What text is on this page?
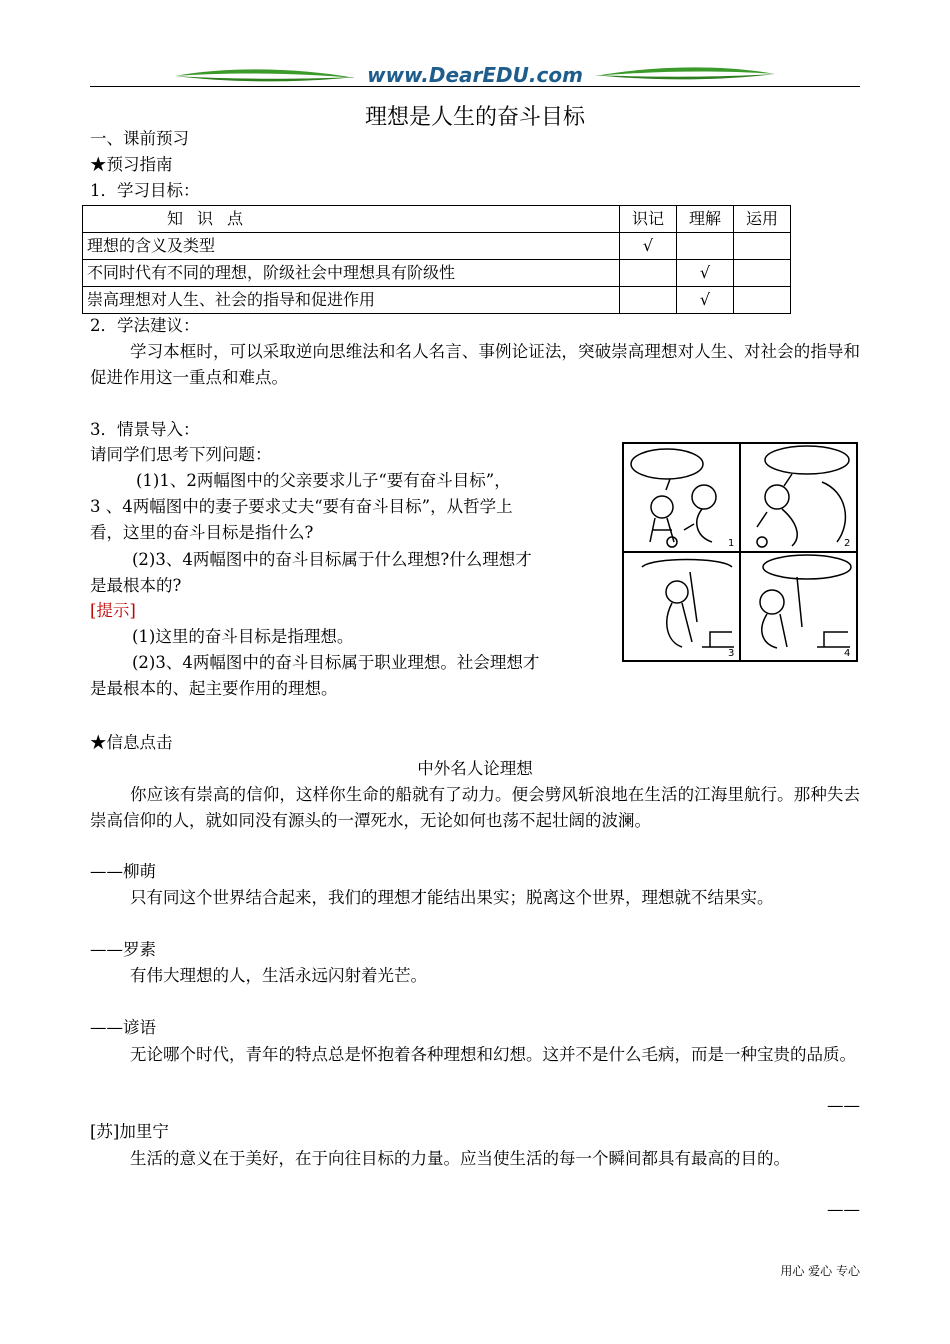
www.DearEDU.com
理想是人生的奋斗目标
一、课前预习
★预习指南
1．学习目标：
知识点	识记	理解	运用
理想的含义及类型	√		
不同时代有不同的理想，阶级社会中理想具有阶级性		√	
崇高理想对人生、社会的指导和促进作用		√	
2．学法建议：
学习本框时，可以采取逆向思维法和名人名言、事例论证法，突破崇高理想对人生、对社会的指导和促进作用这一重点和难点。
3．情景导入：
请同学们思考下列问题：
(1)1、2两幅图中的父亲要求儿子“要有奋斗目标”，
3 、4两幅图中的妻子要求丈夫“要有奋斗目标”，从哲学上
看，这里的奋斗目标是指什么?
(2)3、4两幅图中的奋斗目标属于什么理想?什么理想才
是最根本的?
[提示]
(1)这里的奋斗目标是指理想。
(2)3、4两幅图中的奋斗目标属于职业理想。社会理想才
是最根本的、起主要作用的理想。
1	2
3	4
★信息点击
中外名人论理想
你应该有崇高的信仰，这样你生命的船就有了动力。便会劈风斩浪地在生活的江海里航行。那种失去崇高信仰的人，就如同没有源头的一潭死水，无论如何也荡不起壮阔的波澜。
——柳萌
只有同这个世界结合起来，我们的理想才能结出果实；脱离这个世界，理想就不结果实。
——罗素
有伟大理想的人，生活永远闪射着光芒。
——谚语
无论哪个时代，青年的特点总是怀抱着各种理想和幻想。这并不是什么毛病，而是一种宝贵的品质。
——
[苏]加里宁
生活的意义在于美好，在于向往目标的力量。应当使生活的每一个瞬间都具有最高的目的。
——
用心 爱心 专心
